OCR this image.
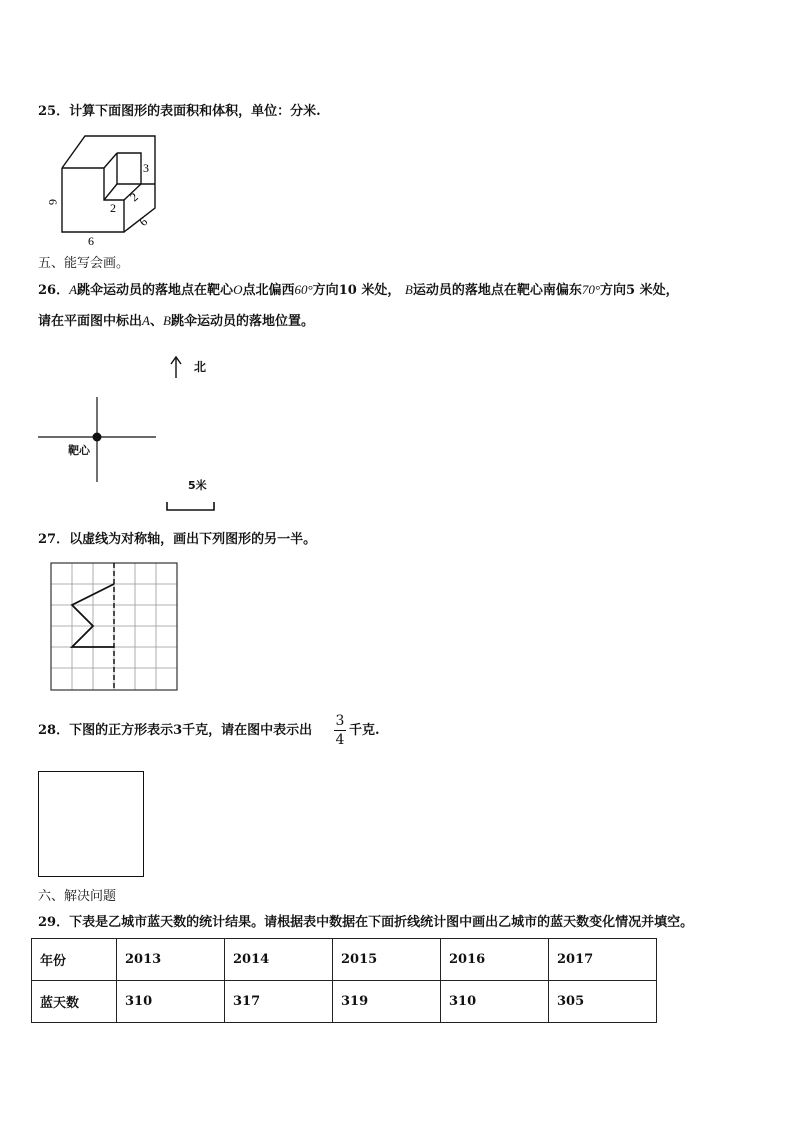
25．计算下面图形的表面积和体积，单位：分米.
6
6
6
2
2
3
五、能写会画。
26．A跳伞运动员的落地点在靶心O点北偏西60°方向10 米处， B运动员的落地点在靶心南偏东70°方向5 米处，
请在平面图中标出A、B跳伞运动员的落地位置。
北
靶心
5米
27．以虚线为对称轴，画出下列图形的另一半。
28．下图的正方形表示3千克，请在图中表示出
3
4
千克.
六、解决问题
29．下表是乙城市蓝天数的统计结果。请根据表中数据在下面折线统计图中画出乙城市的蓝天数变化情况并填空。
年份	2013	2014	2015	2016	2017
蓝天数	310	317	319	310	305
